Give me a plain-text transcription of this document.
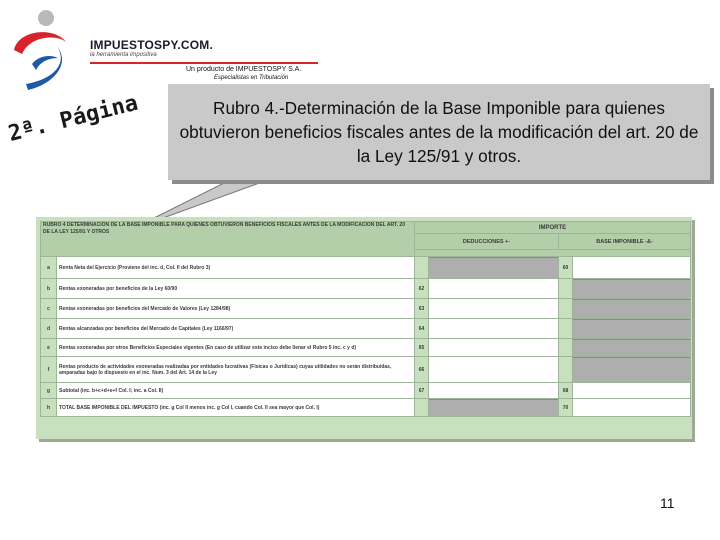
IMPUESTOSPY.COM.
la herramienta impositiva
Un producto de IMPUESTOSPY S.A.
Especialistas en Tributación
2ª. Página	Rubro 4.-Determinación de la Base Imponible para quienes obtuvieron beneficios fiscales antes de la modificación del art. 20 de la Ley 125/91 y otros.
RUBRO 4 DETERMINACIÓN DE LA BASE IMPONIBLE PARA QUIENES OBTUVIERON BENEFICIOS FISCALES ANTES DE LA MODIFICACION DEL ART. 20 DE LA LEY 125/91 Y OTROS		IMPORTE			
		DEDUCCIONES +-		BASE IMPONIBLE -&-	

a	Renta Neta del Ejercicio (Proviene del inc. d, Col. II del Rubro 3)			60	
b	Rentas exoneradas por beneficios de la Ley 60/90	62			
c	Rentas exoneradas por beneficios del Mercado de Valores (Ley 1284/98)	63			
d	Rentas alcanzadas por beneficios del Mercado de Capitales (Ley 1166/97)	64			
e	Rentas exoneradas por otros Beneficios Especiales vigentes (En caso de utilizar este inciso debe llenar el Rubro 5 inc. c y d)	65			
f	Rentas producto de actividades exoneradas realizadas por entidades lucrativas (Físicas o Jurídicas) cuyas utilidades no serán distribuidas, amparadas bajo lo dispuesto en el inc. Num. 3 del Art. 14 de la Ley	66			
g	Subtotal (inc. b+c+d+e+f Col. I; inc. a Col. II)	67		68	
h	TOTAL BASE IMPONIBLE DEL IMPUESTO (inc. g Col II menos inc. g Col I, cuando Col. II sea mayor que Col. I)			70	
11
